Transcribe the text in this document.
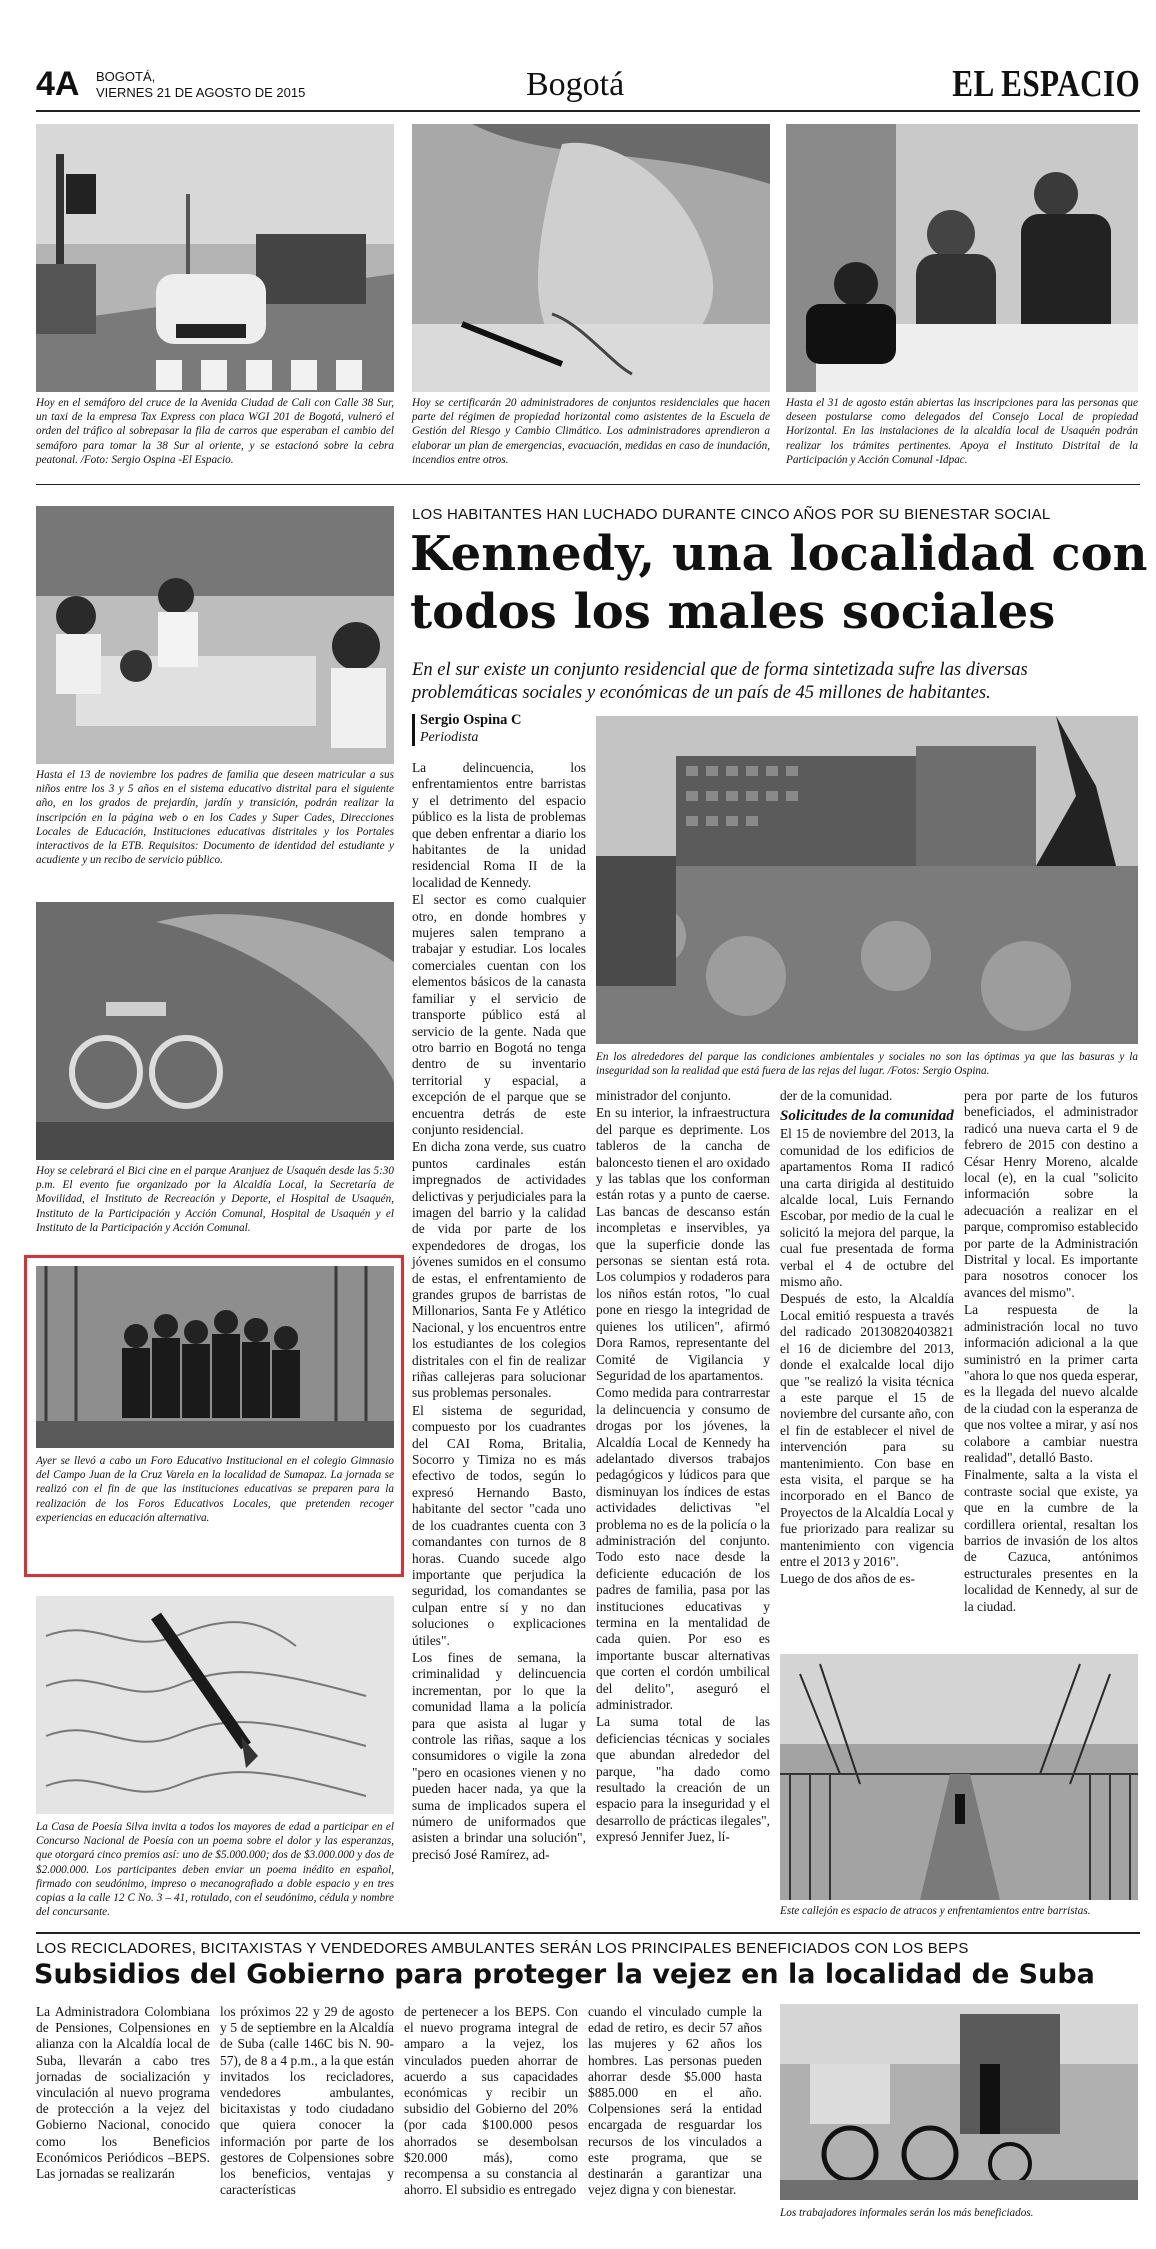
4A BOGOTÁ,
VIERNES 21 DE AGOSTO DE 2015	Bogotá	EL ESPACIO
Hoy en el semáforo del cruce de la Avenida Ciudad de Cali con Calle 38 Sur, un taxi de la empresa Tax Express con placa WGI 201 de Bogotá, vulneró el orden del tráfico al sobrepasar la fila de carros que esperaban el cambio del semáforo para tomar la 38 Sur al oriente, y se estacionó sobre la cebra peatonal. /Foto: Sergio Ospina -El Espacio.
Hoy se certificarán 20 administradores de conjuntos residenciales que hacen parte del régimen de propiedad horizontal como asistentes de la Escuela de Gestión del Riesgo y Cambio Climático. Los administradores aprendieron a elaborar un plan de emergencias, evacuación, medidas en caso de inundación, incendios entre otros.
Hasta el 31 de agosto están abiertas las inscripciones para las personas que deseen postularse como delegados del Consejo Local de propiedad Horizontal. En las instalaciones de la alcaldía local de Usaquén podrán realizar los trámites pertinentes. Apoya el Instituto Distrital de la Participación y Acción Comunal -Idpac.
Hasta el 13 de noviembre los padres de familia que deseen matricular a sus niños entre los 3 y 5 años en el sistema educativo distrital para el siguiente año, en los grados de prejardín, jardín y transición, podrán realizar la inscripción en la página web o en los Cades y Super Cades, Direcciones Locales de Educación, Instituciones educativas distritales y los Portales interactivos de la ETB. Requisitos: Documento de identidad del estudiante y acudiente y un recibo de servicio público.
Hoy se celebrará el Bici cine en el parque Aranjuez de Usaquén desde las 5:30 p.m. El evento fue organizado por la Alcaldía Local, la Secretaría de Movilidad, el Instituto de Recreación y Deporte, el Hospital de Usaquén, Instituto de la Participación y Acción Comunal, Hospital de Usaquén y el Instituto de la Participación y Acción Comunal.
Ayer se llevó a cabo un Foro Educativo Institucional en el colegio Gimnasio del Campo Juan de la Cruz Varela en la localidad de Sumapaz. La jornada se realizó con el fin de que las instituciones educativas se preparen para la realización de los Foros Educativos Locales, que pretenden recoger experiencias en educación alternativa.
La Casa de Poesía Silva invita a todos los mayores de edad a participar en el Concurso Nacional de Poesía con un poema sobre el dolor y las esperanzas, que otorgará cinco premios así: uno de $5.000.000; dos de $3.000.000 y dos de $2.000.000. Los participantes deben enviar un poema inédito en español, firmado con seudónimo, impreso o mecanografiado a doble espacio y en tres copias a la calle 12 C No. 3 – 41, rotulado, con el seudónimo, cédula y nombre del concursante.
LOS HABITANTES HAN LUCHADO DURANTE CINCO AÑOS POR SU BIENESTAR SOCIAL
Kennedy, una localidad con
todos los males sociales
En el sur existe un conjunto residencial que de forma sintetizada sufre las diversas problemáticas sociales y económicas de un país de 45 millones de habitantes.
Sergio Ospina C
Periodista
En los alrededores del parque las condiciones ambientales y sociales no son las óptimas ya que las basuras y la inseguridad son la realidad que está fuera de las rejas del lugar. /Fotos: Sergio Ospina.

La delincuencia, los enfrentamientos entre barristas y el detrimento del espacio público es la lista de problemas que deben enfrentar a diario los habitantes de la unidad residencial Roma II de la localidad de Kennedy.

El sector es como cualquier otro, en donde hombres y mujeres salen temprano a trabajar y estudiar. Los locales comerciales cuentan con los elementos básicos de la canasta familiar y el servicio de transporte público está al servicio de la gente. Nada que otro barrio en Bogotá no tenga dentro de su inventario territorial y espacial, a excepción de el parque que se encuentra detrás de este conjunto residencial.

En dicha zona verde, sus cuatro puntos cardinales están impregnados de actividades delictivas y perjudiciales para la imagen del barrio y la calidad de vida por parte de los expendedores de drogas, los jóvenes sumidos en el consumo de estas, el enfrentamiento de grandes grupos de barristas de Millonarios, Santa Fe y Atlético Nacional, y los encuentros entre los estudiantes de los colegios distritales con el fin de realizar riñas callejeras para solucionar sus problemas personales.

El sistema de seguridad, compuesto por los cuadrantes del CAI Roma, Britalia, Socorro y Timiza no es más efectivo de todos, según lo expresó Hernando Basto, habitante del sector "cada uno de los cuadrantes cuenta con 3 comandantes con turnos de 8 horas. Cuando sucede algo importante que perjudica la seguridad, los comandantes se culpan entre sí y no dan soluciones o explicaciones útiles".

Los fines de semana, la criminalidad y delincuencia incrementan, por lo que la comunidad llama a la policía para que asista al lugar y controle las riñas, saque a los consumidores o vigile la zona "pero en ocasiones vienen y no pueden hacer nada, ya que la suma de implicados supera el número de uniformados que asisten a brindar una solución", precisó José Ramírez, ad-

ministrador del conjunto.

En su interior, la infraestructura del parque es deprimente. Los tableros de la cancha de baloncesto tienen el aro oxidado y las tablas que los conforman están rotas y a punto de caerse. Las bancas de descanso están incompletas e inservibles, ya que la superficie donde las personas se sientan está rota. Los columpios y rodaderos para los niños están rotos, "lo cual pone en riesgo la integridad de quienes los utilicen", afirmó Dora Ramos, representante del Comité de Vigilancia y Seguridad de los apartamentos.

Como medida para contrarrestar la delincuencia y consumo de drogas por los jóvenes, la Alcaldía Local de Kennedy ha adelantado diversos trabajos pedagógicos y lúdicos para que disminuyan los índices de estas actividades delictivas "el problema no es de la policía o la administración del conjunto. Todo esto nace desde la deficiente educación de los padres de familia, pasa por las instituciones educativas y termina en la mentalidad de cada quien. Por eso es importante buscar alternativas que corten el cordón umbilical del delito", aseguró el administrador.

La suma total de las deficiencias técnicas y sociales que abundan alrededor del parque, "ha dado como resultado la creación de un espacio para la inseguridad y el desarrollo de prácticas ilegales", expresó Jennifer Juez, lí-

der de la comunidad.

Solicitudes de la comunidad

El 15 de noviembre del 2013, la comunidad de los edificios de apartamentos Roma II radicó una carta dirigida al destituido alcalde local, Luis Fernando Escobar, por medio de la cual le solicitó la mejora del parque, la cual fue presentada de forma verbal el 4 de octubre del mismo año.

Después de esto, la Alcaldía Local emitió respuesta a través del radicado 20130820403821 el 16 de diciembre del 2013, donde el exalcalde local dijo que "se realizó la visita técnica a este parque el 15 de noviembre del cursante año, con el fin de establecer el nivel de intervención para su mantenimiento. Con base en esta visita, el parque se ha incorporado en el Banco de Proyectos de la Alcaldía Local y fue priorizado para realizar su mantenimiento con vigencia entre el 2013 y 2016".

Luego de dos años de es-

pera por parte de los futuros beneficiados, el administrador radicó una nueva carta el 9 de febrero de 2015 con destino a César Henry Moreno, alcalde local (e), en la cual "solicito información sobre la adecuación a realizar en el parque, compromiso establecido por parte de la Administración Distrital y local. Es importante para nosotros conocer los avances del mismo".

La respuesta de la administración local no tuvo información adicional a la que suministró en la primer carta "ahora lo que nos queda esperar, es la llegada del nuevo alcalde de la ciudad con la esperanza de que nos voltee a mirar, y así nos colabore a cambiar nuestra realidad", detalló Basto.

Finalmente, salta a la vista el contraste social que existe, ya que en la cumbre de la cordillera oriental, resaltan los barrios de invasión de los altos de Cazuca, antónimos estructurales presentes en la localidad de Kennedy, al sur de la ciudad.

Este callejón es espacio de atracos y enfrentamientos entre barristas.
LOS RECICLADORES, BICITAXISTAS Y VENDEDORES AMBULANTES SERÁN LOS PRINCIPALES BENEFICIADOS CON LOS BEPS
Subsidios del Gobierno para proteger la vejez en la localidad de Suba

La Administradora Colombiana de Pensiones, Colpensiones en alianza con la Alcaldía local de Suba, llevarán a cabo tres jornadas de socialización y vinculación al nuevo programa de protección a la vejez del Gobierno Nacional, conocido como los Beneficios Económicos Periódicos –BEPS. Las jornadas se realizarán

los próximos 22 y 29 de agosto y 5 de septiembre en la Alcaldía de Suba (calle 146C bis N. 90-57), de 8 a 4 p.m., a la que están invitados los recicladores, vendedores ambulantes, bicitaxistas y todo ciudadano que quiera conocer la información por parte de los gestores de Colpensiones sobre los beneficios, ventajas y características

de pertenecer a los BEPS. Con el nuevo programa integral de amparo a la vejez, los vinculados pueden ahorrar de acuerdo a sus capacidades económicas y recibir un subsidio del Gobierno del 20% (por cada $100.000 pesos ahorrados se desembolsan $20.000 más), como recompensa a su constancia al ahorro. El subsidio es entregado

cuando el vinculado cumple la edad de retiro, es decir 57 años las mujeres y 62 años los hombres. Las personas pueden ahorrar desde $5.000 hasta $885.000 en el año. Colpensiones será la entidad encargada de resguardar los recursos de los vinculados a este programa, que se destinarán a garantizar una vejez digna y con bienestar.

Los trabajadores informales serán los más beneficiados.
